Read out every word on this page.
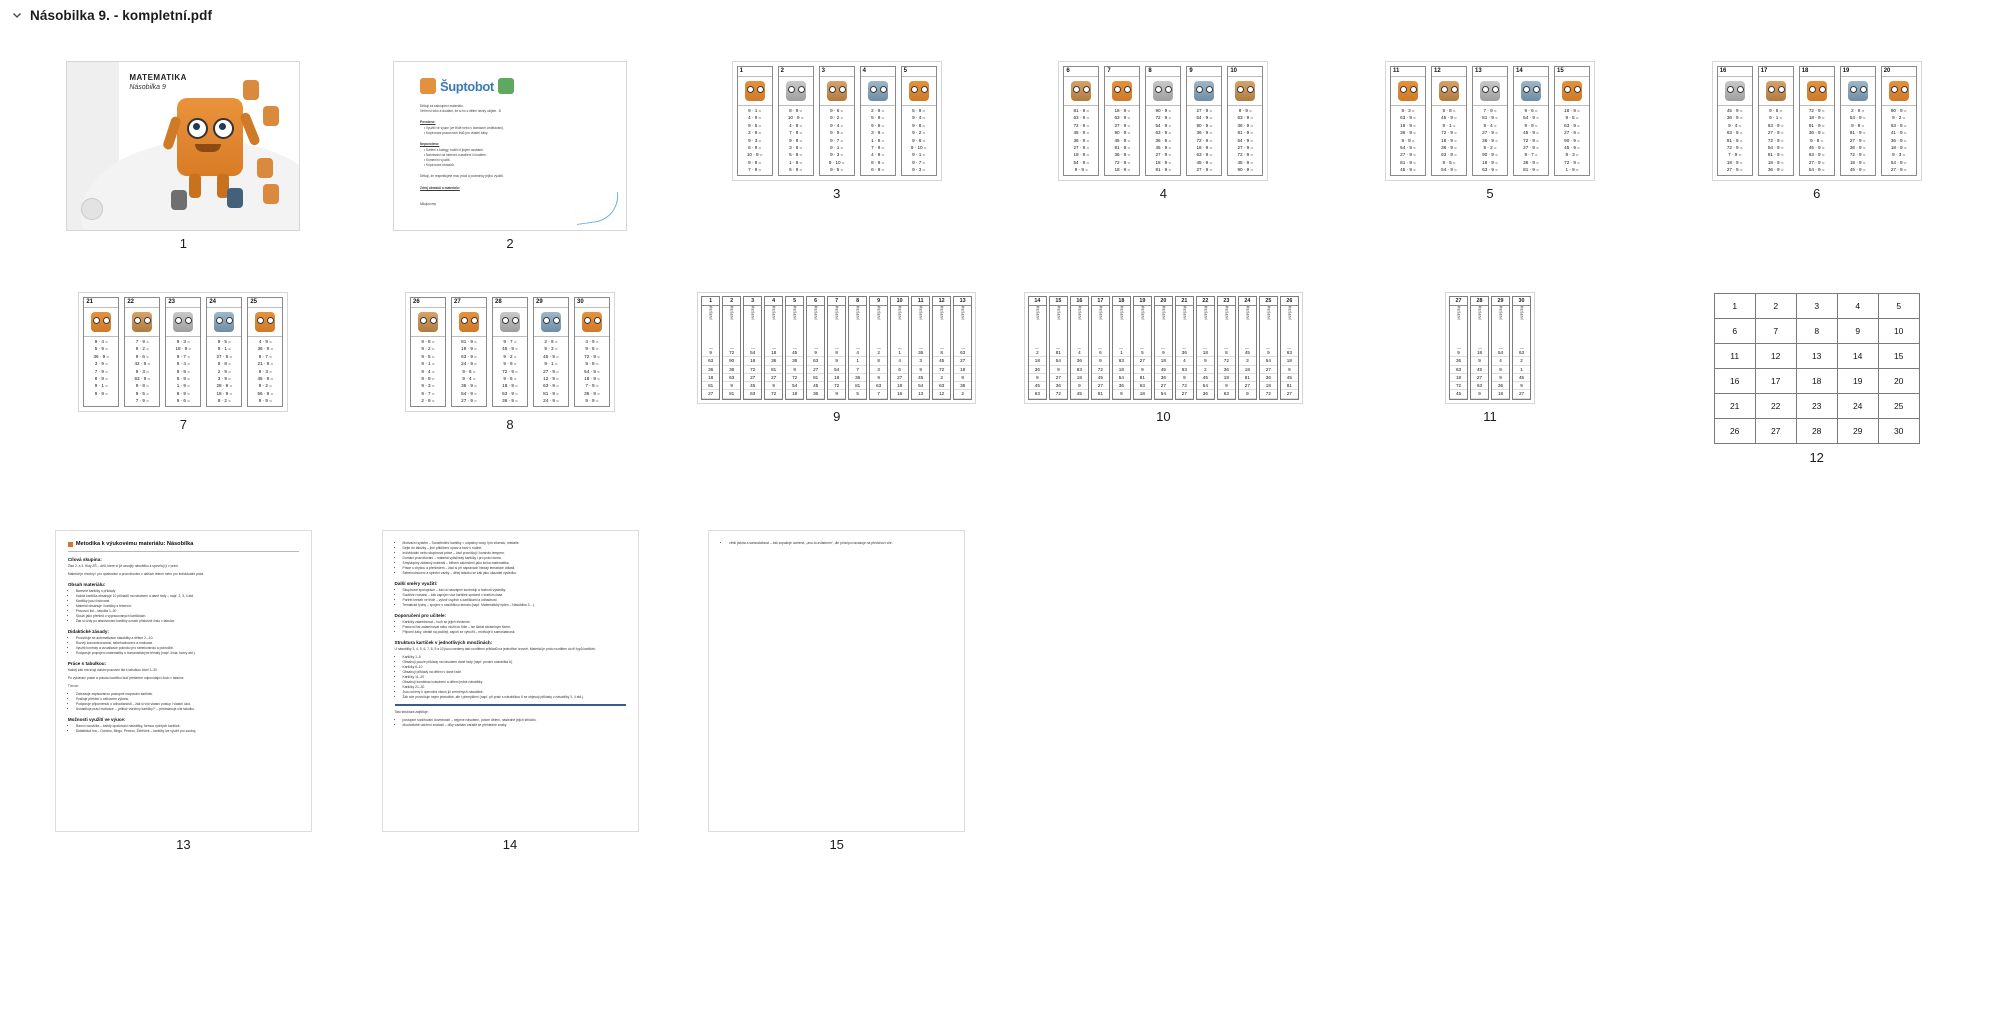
Násobilka 9. - kompletní.pdf
MATEMATIKA
Násobilka 9
1
Šuptobot
Děkuji za zakoupení materiálu.
Věřím si toho a doufám, že si ho s dětmi hezky užijete. :D
Povoleno:
• Využití ve výuce (ve třídě nebo v domácím vzdělávání).
• Kopírování pracovních listů pro vlastní žáky.
Nepovoleno:
• Sdílení s kolegy, rodiči či jinými osobami.
• Nahrávání na internet, nasdílení či mailem.
• Komerční využití.
• Kopírování obrázků.
Děkuji, že respektujete mou práci a podmínky jejího využití.
Zdroj obrázků a materiálu:
Milujuuvmy
2
1
9 · 1 =
4 · 9 =
9 · 5 =
2 · 9 =
9 · 3 =
6 · 9 =
10 · 9 =
9 · 8 =
7 · 9 =
2
8 · 9 =
10 · 9 =
4 · 9 =
7 · 9 =
9 · 9 =
3 · 9 =
5 · 9 =
1 · 9 =
6 · 9 =
3
9 · 6 =
9 · 2 =
9 · 4 =
9 · 9 =
9 · 7 =
9 · 1 =
9 · 3 =
9 · 10 =
9 · 5 =
4
2 · 9 =
5 · 9 =
9 · 9 =
3 · 9 =
1 · 9 =
7 · 9 =
4 · 9 =
8 · 9 =
6 · 9 =
5
5 · 9 =
9 · 4 =
9 · 8 =
9 · 2 =
9 · 6 =
9 · 10 =
9 · 1 =
9 · 7 =
9 · 3 =
3
6
81 · 9 =
63 · 9 =
72 · 9 =
45 · 9 =
36 · 9 =
27 · 9 =
18 · 9 =
54 · 9 =
9 · 9 =
7
18 · 9 =
63 · 9 =
27 · 9 =
90 · 9 =
45 · 9 =
81 · 9 =
36 · 9 =
72 · 9 =
18 · 9 =
8
90 · 9 =
72 · 9 =
54 · 9 =
63 · 9 =
36 · 9 =
45 · 9 =
27 · 9 =
18 · 9 =
81 · 9 =
9
27 · 9 =
54 · 9 =
90 · 9 =
36 · 9 =
72 · 9 =
18 · 9 =
63 · 9 =
45 · 9 =
27 · 9 =
10
9 · 9 =
63 · 9 =
36 · 9 =
81 · 9 =
54 · 9 =
27 · 9 =
72 · 9 =
45 · 9 =
90 · 9 =
4
11
9 · 3 =
63 · 9 =
18 · 9 =
36 · 9 =
9 · 9 =
54 · 9 =
27 · 9 =
81 · 9 =
45 · 9 =
12
9 · 8 =
45 · 9 =
9 · 1 =
72 · 9 =
18 · 9 =
36 · 9 =
63 · 9 =
9 · 5 =
54 · 9 =
13
7 · 9 =
81 · 9 =
9 · 4 =
27 · 9 =
36 · 9 =
9 · 2 =
90 · 9 =
18 · 9 =
63 · 9 =
14
9 · 6 =
54 · 9 =
9 · 9 =
45 · 9 =
72 · 9 =
27 · 9 =
9 · 7 =
36 · 9 =
81 · 9 =
15
18 · 9 =
9 · 5 =
63 · 9 =
27 · 9 =
90 · 9 =
45 · 9 =
9 · 3 =
72 · 9 =
1 · 9 =
5
16
45 · 9 =
36 · 9 =
9 · 4 =
63 · 9 =
81 · 9 =
72 · 9 =
7 · 9 =
18 · 9 =
27 · 9 =
17
9 · 6 =
9 · 1 =
63 · 9 =
27 · 9 =
72 · 9 =
54 · 9 =
81 · 9 =
18 · 9 =
36 · 9 =
18
72 · 9 =
18 · 9 =
91 · 9 =
36 · 9 =
9 · 8 =
45 · 9 =
63 · 9 =
27 · 9 =
54 · 9 =
19
2 · 9 =
54 · 9 =
9 · 9 =
81 · 9 =
27 · 9 =
36 · 9 =
72 · 9 =
18 · 9 =
45 · 9 =
20
90 · 9 =
9 · 2 =
63 · 9 =
41 · 9 =
36 · 9 =
18 · 9 =
9 · 3 =
54 · 9 =
27 · 9 =
6
21
9 · 4 =
5 · 9 =
36 · 9 =
3 · 9 =
7 · 9 =
8 · 9 =
9 · 1 =
9 · 9 =
22
7 · 9 =
9 · 2 =
9 · 6 =
42 · 9 =
9 · 3 =
63 · 9 =
9 · 8 =
9 · 5 =
7 · 9 =
23
9 · 3 =
18 · 9 =
9 · 7 =
9 · 4 =
9 · 9 =
5 · 9 =
1 · 9 =
8 · 9 =
9 · 6 =
24
9 · 5 =
9 · 1 =
27 · 9 =
9 · 8 =
2 · 9 =
3 · 9 =
28 · 9 =
18 · 9 =
9 · 2 =
25
4 · 9 =
36 · 9 =
9 · 7 =
21 · 9 =
9 · 3 =
45 · 9 =
9 · 2 =
56 · 9 =
9 · 9 =
7
26
9 · 8 =
9 · 2 =
9 · 5 =
9 · 1 =
9 · 4 =
9 · 9 =
9 · 3 =
9 · 7 =
2 · 9 =
27
81 · 9 =
18 · 9 =
63 · 9 =
24 · 9 =
9 · 6 =
9 · 4 =
36 · 9 =
54 · 9 =
27 · 9 =
28
9 · 7 =
45 · 9 =
9 · 2 =
9 · 9 =
72 · 9 =
9 · 5 =
18 · 9 =
63 · 9 =
36 · 9 =
29
2 · 9 =
9 · 3 =
45 · 9 =
9 · 1 =
27 · 9 =
12 · 9 =
63 · 9 =
81 · 9 =
24 · 9 =
30
4 · 9 =
9 · 6 =
72 · 9 =
9 · 8 =
54 · 9 =
18 · 9 =
7 · 9 =
36 · 9 =
9 · 9 =
8
1
ŘEŠENÍ
9
63
36
18
81
27
2
ŘEŠENÍ
72
90
36
63
9
81
3
ŘEŠENÍ
54
18
72
27
45
63
4
ŘEŠENÍ
18
36
81
27
9
72
5
ŘEŠENÍ
45
36
9
72
54
18
6
ŘEŠENÍ
9
63
27
81
45
36
7
ŘEŠENÍ
8
9
54
18
72
9
8
ŘEŠENÍ
4
1
7
36
81
5
9
ŘEŠENÍ
2
8
3
9
63
7
10
ŘEŠENÍ
1
4
6
27
18
16
11
ŘEŠENÍ
36
3
9
45
54
13
12
ŘEŠENÍ
8
45
72
2
63
12
13
ŘEŠENÍ
63
27
18
9
36
2
9
14
ŘEŠENÍ
2
18
36
9
45
63
15
ŘEŠENÍ
81
54
9
27
36
72
16
ŘEŠENÍ
4
36
63
18
9
45
17
ŘEŠENÍ
6
9
72
45
27
81
18
ŘEŠENÍ
1
63
18
54
36
9
19
ŘEŠENÍ
5
27
9
81
63
18
20
ŘEŠENÍ
9
18
45
36
27
54
21
ŘEŠENÍ
36
4
63
9
72
27
22
ŘEŠENÍ
18
9
2
45
54
36
23
ŘEŠENÍ
8
72
36
18
9
63
24
ŘEŠENÍ
45
3
18
81
27
9
25
ŘEŠENÍ
9
54
27
36
18
72
26
ŘEŠENÍ
63
18
9
45
81
27
10
27
ŘEŠENÍ
9
36
63
18
72
45
28
ŘEŠENÍ
18
9
45
27
63
9
29
ŘEŠENÍ
54
4
8
9
36
18
30
ŘEŠENÍ
63
2
1
45
9
27
11
1	2	3	4	5
6	7	8	9	10
11	12	13	14	15
16	17	18	19	20
21	22	23	24	25
26	27	28	29	30
12
Metodika k výukovému materiálu: Násobilka
Cílová skupina:
Žáci 2. a 3. třídy ZŠ – děti, které si již osvojily násobilku a upevňují ji v praxi.
Materiál je vhodný i pro opakování a procvičování v dalších letech nebo pro individuální práci.
Obsah materiálu:
• Barevné kartičky s příklady
• Každá kartička obsahuje 10 příkladů na násobení a dané řady – např. 2, 3, 4 atd.
• Kartičky jsou číslované.
• Materiál obsahuje i kartičky s řešením.
• Pracovní list – tabulka 1–30
• Slouží jako přehled o vypracovaných kartičkách.
• Žák si vždy po absolvování kartičky označí příslušné číslo v tabulce.
Didaktické zásady:
• Procvičuje se automatizace násobilky a dělení 2.–10.
• Rozvíjí koncentrovanost, sebehodnocení a motivace.
• Využití kontroly a vizualizace pokroku pro sebekontrolu a pokročilé.
• Podporuje propojení matematiky s humanistickými tématy (např. čísla, barvy atd.).
Práce s tabulkou:
Každý žák má svoji vlastní pracovní list s tabulkou čísel 1–30.
Po vykonání práce a pokusu kartičku buď přeškrtne odpovídající číslo v tabulce.
Tím se:
• Zobrazuje zapisovanou postupné mapování kartiček.
• Posiluje přehled o celkovém výkonu.
• Podporuje připomenutí o odhodlanosti – žák si vidí vlastní postup i vlastní úkol.
• Usnadňuje práci motivace – „jelikož všechny kartičky?“ – představuje cíle tabulku.
Možnosti využití ve výuce:
• Ranní rozcvička – každý opakování násobilky, formou rychlých kartiček.
• Didaktická hra – Domino, Bingo, Pexeso, Žebříček – kartičky lze využít pro souboj.
13
• Motivační systém – Soustředění kartičky = odpalíny body, tým víkendu, medaile.
• Dejte do tabulky – jiné přiblížení oprav a barv v rodině.
• Individuální nebo skupinová práce – žáci procvičují i kontrolu tempem.
• Domácí procvičování – materiál vytisknutý kartičky i pro práci doma.
• Smysluplný zábavný materiál – během zakončení jako kniha matematika.
• Práce s chybou a přehledem – žáci si při nápravách hledají tematické oblasti.
• Sebehodnocení a splnění vazby – dělej tabulku se žák jako ukazatel výsledku.
Další směry využití:
• Skupinové spolupráce – žáci si navzájem kontrolují a hodnotí výsledky.
• Soutěže rozsahu – žák zapojen vice kartiček správně v kratším čase.
• Portrét kreseb ve třídě – vytvoř úspěch s kartičkami a odhadnost.
• Tematické týdny – spojení s násobilkou tématu (např. Matematický týden – Násobilka 3…).
Doporučení pro učitele:
• Kartičky zalaminovat – tvoří se jejich životnost.
• Pracovní list zalaminovat nebo vložit do fólie – lze škrtat stíratelným fixem.
• Připomi žáky, obrátit na podíleji, aspoň se vytvořit – motivuje k samostatnosti.
Struktura kartiček v jednotlivých množinách:
U násobilky 3, 4, 5, 6, 7, 8, 9 a 10 jsou uvedeny tato rozdělení příkladů na jednotlivé úrovně. Materiál je proto rozdělen do tří typů kartiček:
• Kartičky 1–5
• Obsahují pouze příklady na násobení dané řady (např. prvotní násobilka 6).
• Kartičky 6–10
• Obsahují příklady na dělení v dané řadě.
• Kartičky 11–20
• Obsahují kombinaci násobení a dělení jedné násobilky.
• Kartičky 21–30
• Jsou určeny k upevnění všech již zmíněných násobilek.
• Žák zde procvičuje nejen jednotlivé, ale i přemýšlení (např. při práci s násobilkou 6 se objevují příklady z násobilky 3, 4 atd.).
Tato struktura zajišťuje:
• postupné rozšiřování dovedností – nejprve násobení, potom dělení, následně jejich střídání,
• dlouhodobé udržení znalostí – díky vazbám zařadit se přehledné znaky.
14
• větší jistota a samostatnost – žák zopakuje ucelené, „ano-to-zvládnem“, dle principu navazuje na předchozí cíle.
15
